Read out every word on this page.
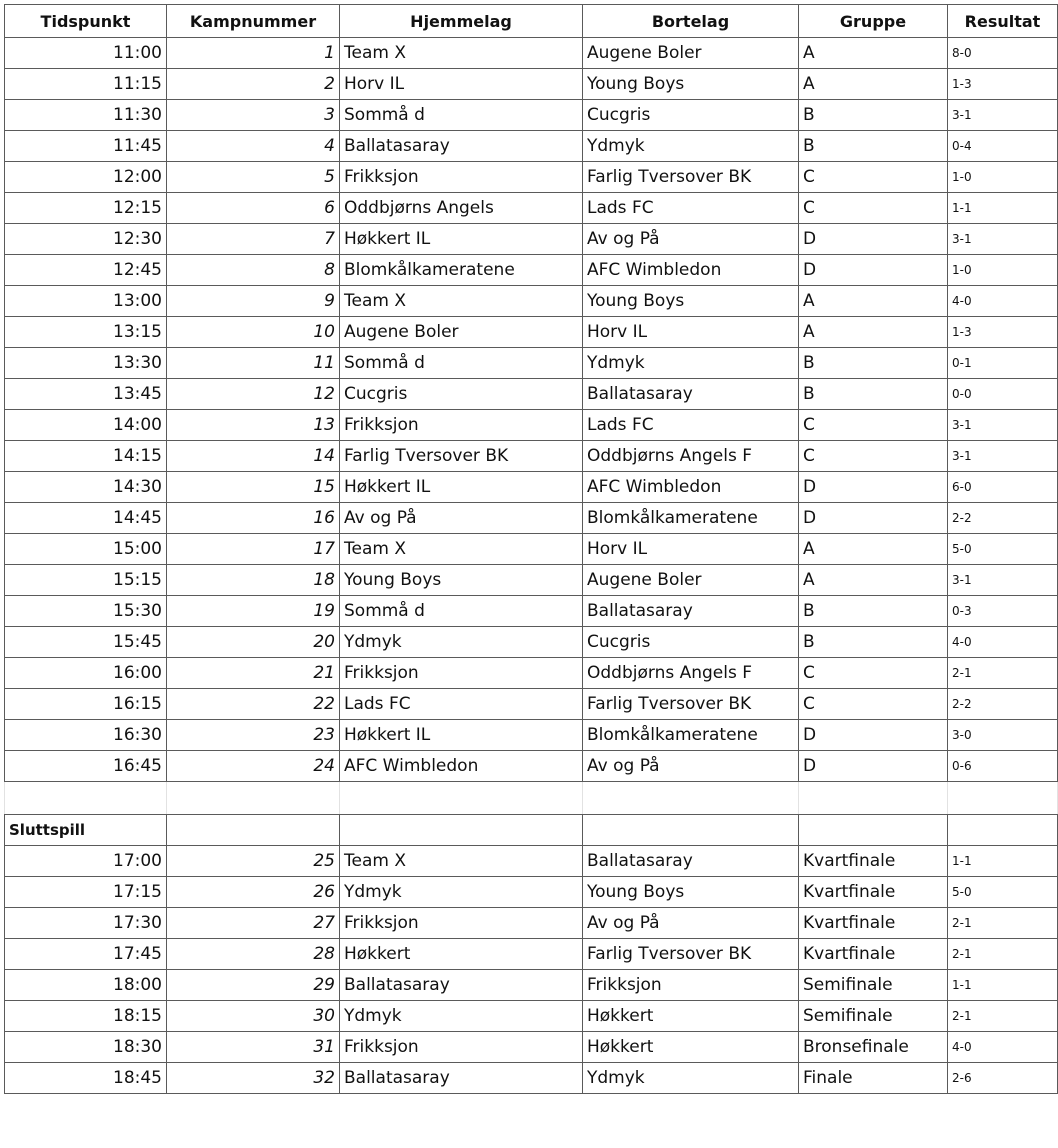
Tidspunkt	Kampnummer	Hjemmelag	Bortelag	Gruppe	Resultat
11:00	1	Team X	Augene Boler	A	8-0
11:15	2	Horv IL	Young Boys	A	1-3
11:30	3	Sommå d	Cucgris	B	3-1
11:45	4	Ballatasaray	Ydmyk	B	0-4
12:00	5	Frikksjon	Farlig Tversover BK	C	1-0
12:15	6	Oddbjørns Angels	Lads FC	C	1-1
12:30	7	Høkkert IL	Av og På	D	3-1
12:45	8	Blomkålkameratene	AFC Wimbledon	D	1-0
13:00	9	Team X	Young Boys	A	4-0
13:15	10	Augene Boler	Horv IL	A	1-3
13:30	11	Sommå d	Ydmyk	B	0-1
13:45	12	Cucgris	Ballatasaray	B	0-0
14:00	13	Frikksjon	Lads FC	C	3-1
14:15	14	Farlig Tversover BK	Oddbjørns Angels F	C	3-1
14:30	15	Høkkert IL	AFC Wimbledon	D	6-0
14:45	16	Av og På	Blomkålkameratene	D	2-2
15:00	17	Team X	Horv IL	A	5-0
15:15	18	Young Boys	Augene Boler	A	3-1
15:30	19	Sommå d	Ballatasaray	B	0-3
15:45	20	Ydmyk	Cucgris	B	4-0
16:00	21	Frikksjon	Oddbjørns Angels F	C	2-1
16:15	22	Lads FC	Farlig Tversover BK	C	2-2
16:30	23	Høkkert IL	Blomkålkameratene	D	3-0
16:45	24	AFC Wimbledon	Av og På	D	0-6

Sluttspill					
17:00	25	Team X	Ballatasaray	Kvartfinale	1-1
17:15	26	Ydmyk	Young Boys	Kvartfinale	5-0
17:30	27	Frikksjon	Av og På	Kvartfinale	2-1
17:45	28	Høkkert	Farlig Tversover BK	Kvartfinale	2-1
18:00	29	Ballatasaray	Frikksjon	Semifinale	1-1
18:15	30	Ydmyk	Høkkert	Semifinale	2-1
18:30	31	Frikksjon	Høkkert	Bronsefinale	4-0
18:45	32	Ballatasaray	Ydmyk	Finale	2-6
